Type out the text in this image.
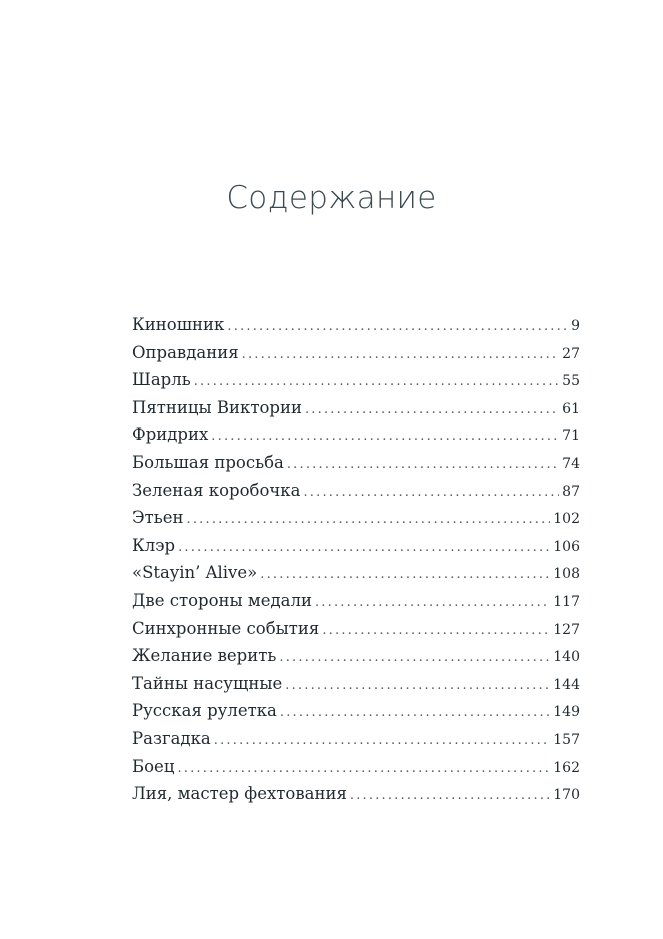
Содержание
Киношник .....	9
Оправдания .....	27
Шарль .....	55
Пятницы Виктории .....	61
Фридрих .....	71
Большая просьба .....	74
Зеленая коробочка .....	87
Этьен .....	102
Клэр .....	106
«Stayin’ Alive» .....	108
Две стороны медали .....	117
Синхронные события .....	127
Желание верить .....	140
Тайны насущные .....	144
Русская рулетка .....	149
Разгадка .....	157
Боец .....	162
Лия, мастер фехтования .....	170
